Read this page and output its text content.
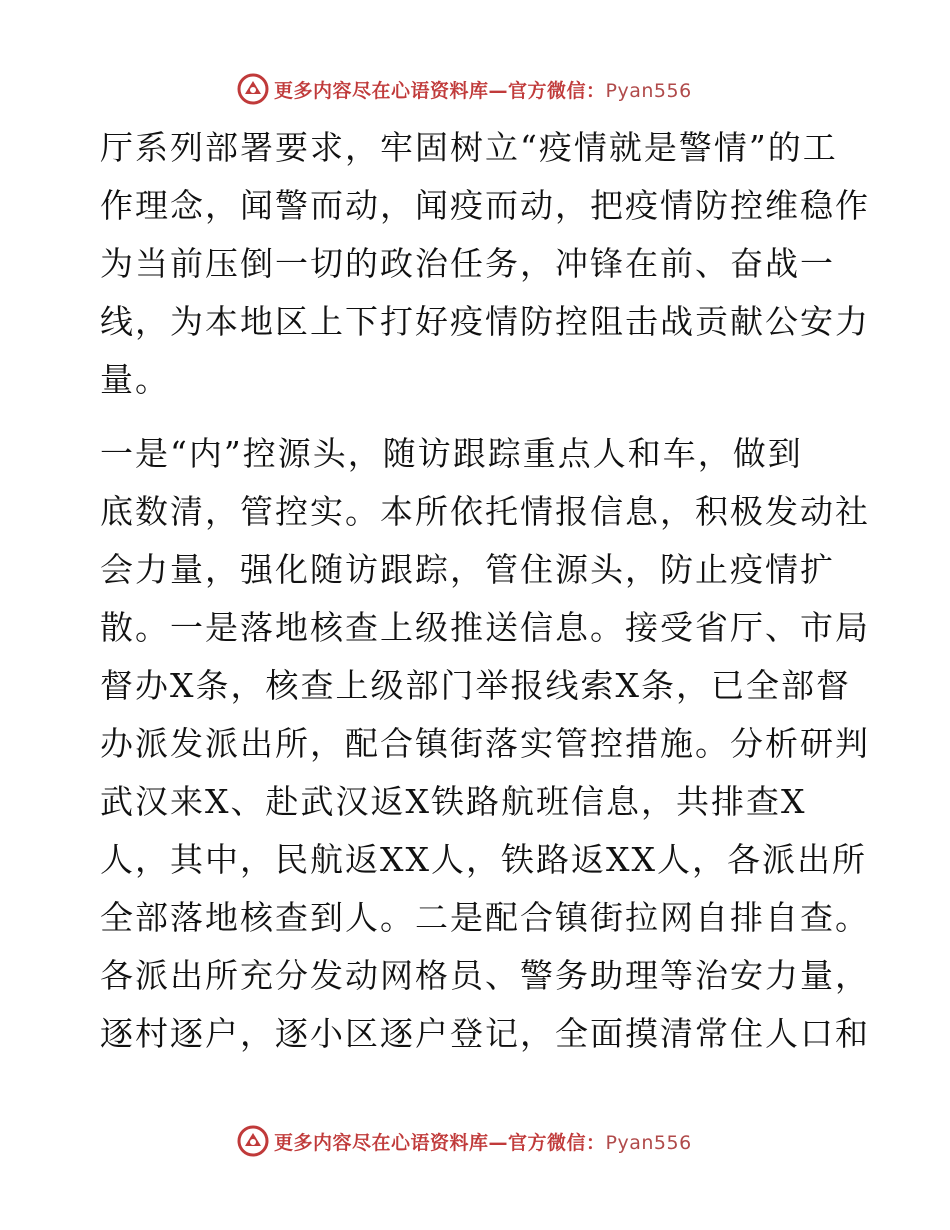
更多内容尽在心语资料库—官方微信：Pyan556
厅系列部署要求，牢固树立“疫情就是警情”的工
作理念，闻警而动，闻疫而动，把疫情防控维稳作
为当前压倒一切的政治任务，冲锋在前、奋战一
线，为本地区上下打好疫情防控阻击战贡献公安力
量。
一是“内”控源头，随访跟踪重点人和车，做到
底数清，管控实。本所依托情报信息，积极发动社
会力量，强化随访跟踪，管住源头，防止疫情扩
散。一是落地核查上级推送信息。接受省厅、市局
督办X条，核查上级部门举报线索X条，已全部督
办派发派出所，配合镇街落实管控措施。分析研判
武汉来X、赴武汉返X铁路航班信息，共排查X
人，其中，民航返XX人，铁路返XX人，各派出所
全部落地核查到人。二是配合镇街拉网自排自查。
各派出所充分发动网格员、警务助理等治安力量，
逐村逐户，逐小区逐户登记，全面摸清常住人口和
更多内容尽在心语资料库—官方微信：Pyan556
